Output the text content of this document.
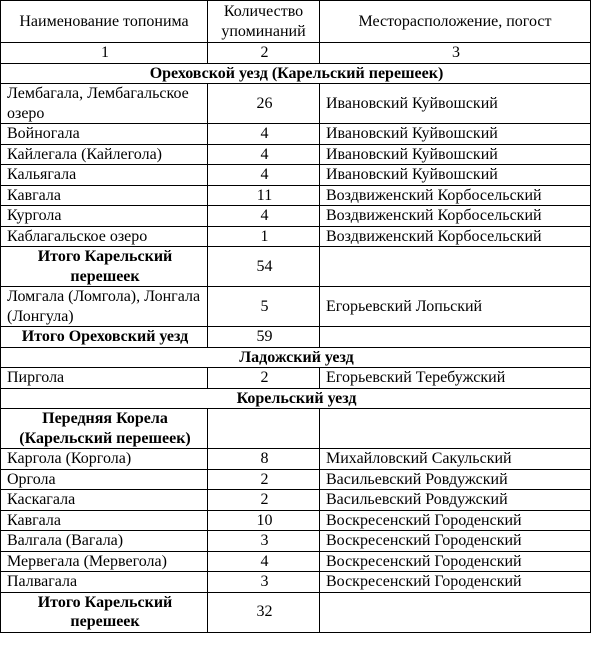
Наименование топонима	Количество упоминаний	Месторасположение, погост
1	2	3
Ореховской уезд (Карельский перешеек)		
Лембагала, Лембагальское озеро	26	Ивановский Куйвошский
Войногала	4	Ивановский Куйвошский
Кайлегала (Кайлегола)	4	Ивановский Куйвошский
Кальягала	4	Ивановский Куйвошский
Кавгала	11	Воздвиженский Корбосельский
Кургола	4	Воздвиженский Корбосельский
Каблагальское озеро	1	Воздвиженский Корбосельский
Итого Карельский перешеек	54	
Ломгала (Ломгола), Лонгала (Лонгула)	5	Егорьевский Лопьский
Итого Ореховский уезд	59	
Ладожский уезд		
Пиргола	2	Егорьевский Теребужский
Корельский уезд		
Передняя Корела (Карельский перешеек)		
Каргола (Коргола)	8	Михайловский Сакульский
Оргола	2	Васильевский Ровдужский
Каскагала	2	Васильевский Ровдужский
Кавгала	10	Воскресенский Городенский
Валгала (Вагала)	3	Воскресенский Городенский
Мервегала (Мервегола)	4	Воскресенский Городенский
Палвагала	3	Воскресенский Городенский
Итого Карельский перешеек	32	
